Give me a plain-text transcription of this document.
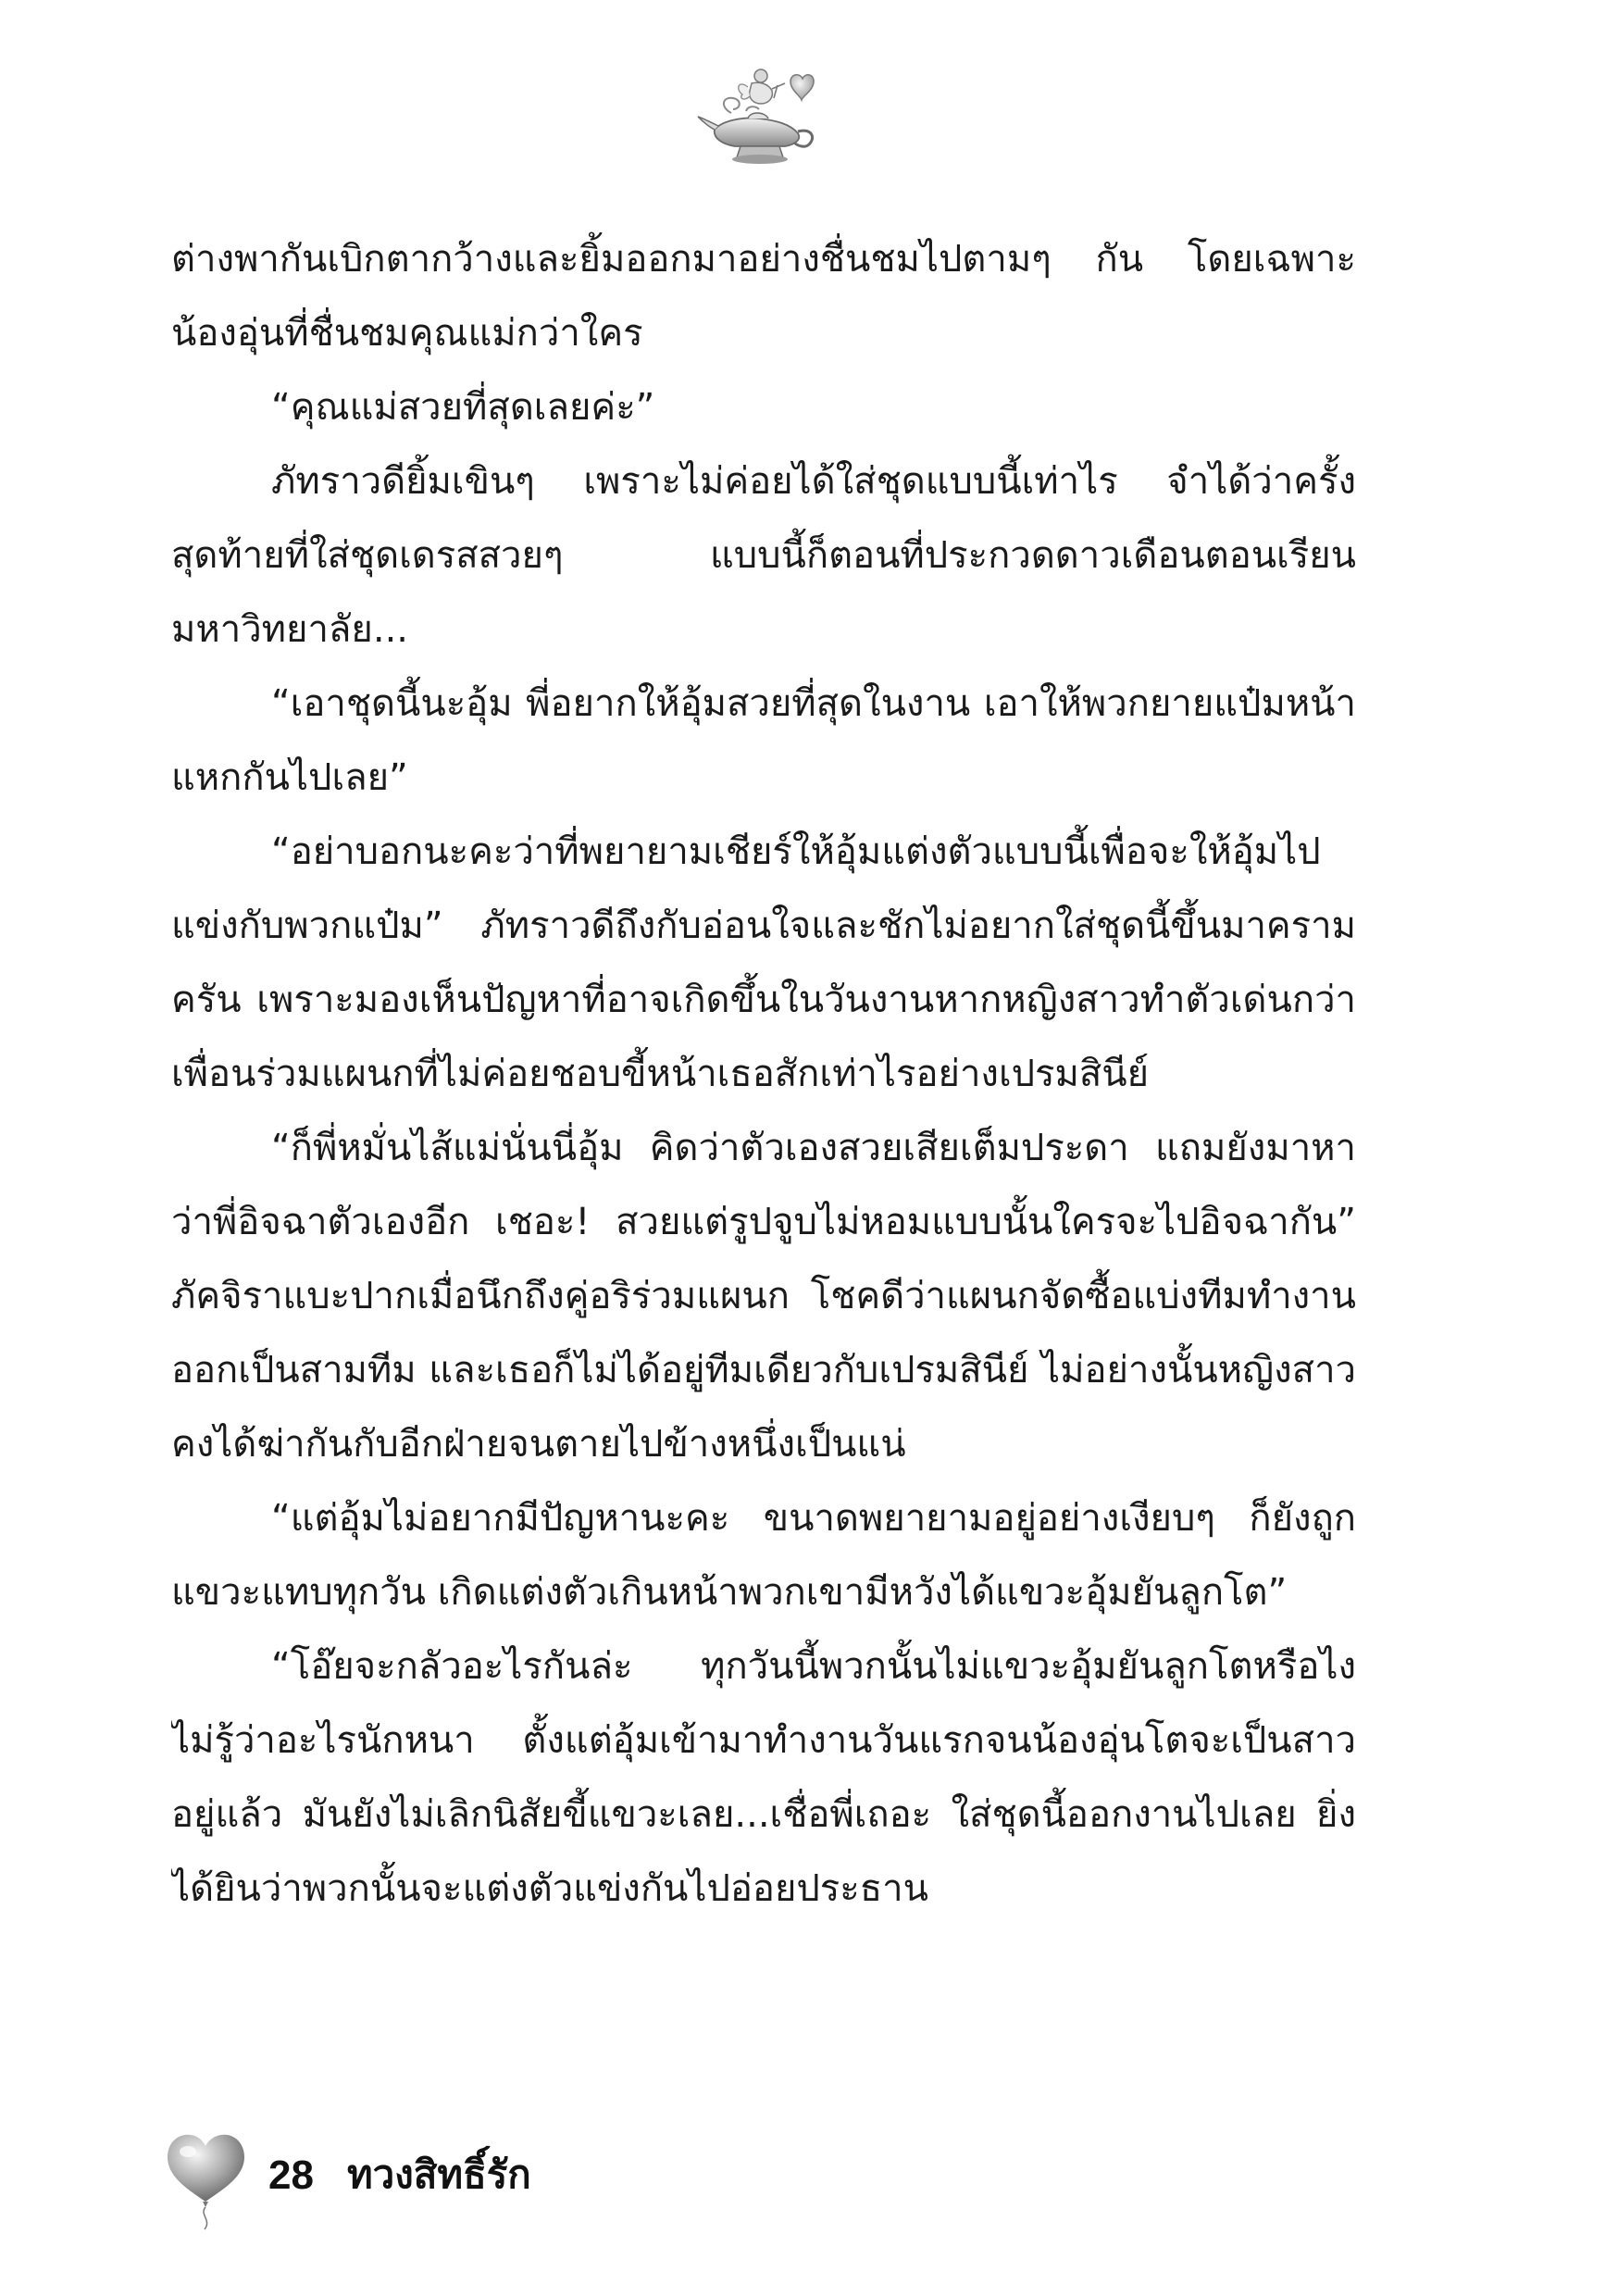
ต่างพากันเบิกตากว้างและยิ้มออกมาอย่างชื่นชมไปตามๆ กัน โดยเฉพาะน้องอุ่นที่ชื่นชมคุณแม่กว่าใคร

“คุณแม่สวยที่สุดเลยค่ะ”

ภัทราวดียิ้มเขินๆ เพราะไม่ค่อยได้ใส่ชุดแบบนี้เท่าไร จำได้ว่าครั้งสุดท้ายที่ใส่ชุดเดรสสวยๆ แบบนี้ก็ตอนที่ประกวดดาวเดือนตอนเรียนมหาวิทยาลัย...

“เอาชุดนี้นะอุ้ม พี่อยากให้อุ้มสวยที่สุดในงาน เอาให้พวกยายแป๋มหน้าแหกกันไปเลย”

“อย่าบอกนะคะว่าที่พยายามเชียร์ให้อุ้มแต่งตัวแบบนี้เพื่อจะให้อุ้มไปแข่งกับพวกแป๋ม” ภัทราวดีถึงกับอ่อนใจและชักไม่อยากใส่ชุดนี้ขึ้นมาครามครัน เพราะมองเห็นปัญหาที่อาจเกิดขึ้นในวันงานหากหญิงสาวทำตัวเด่นกว่าเพื่อนร่วมแผนกที่ไม่ค่อยชอบขี้หน้าเธอสักเท่าไรอย่างเปรมสินีย์

“ก็พี่หมั่นไส้แม่นั่นนี่อุ้ม คิดว่าตัวเองสวยเสียเต็มประดา แถมยังมาหาว่าพี่อิจฉาตัวเองอีก เชอะ! สวยแต่รูปจูบไม่หอมแบบนั้นใครจะไปอิจฉากัน” ภัคจิราแบะปากเมื่อนึกถึงคู่อริร่วมแผนก โชคดีว่าแผนกจัดซื้อแบ่งทีมทำงานออกเป็นสามทีม และเธอก็ไม่ได้อยู่ทีมเดียวกับเปรมสินีย์ ไม่อย่างนั้นหญิงสาวคงได้ฆ่ากันกับอีกฝ่ายจนตายไปข้างหนึ่งเป็นแน่

“แต่อุ้มไม่อยากมีปัญหานะคะ ขนาดพยายามอยู่อย่างเงียบๆ ก็ยังถูกแขวะแทบทุกวัน เกิดแต่งตัวเกินหน้าพวกเขามีหวังได้แขวะอุ้มยันลูกโต”

“โอ๊ยจะกลัวอะไรกันล่ะ ทุกวันนี้พวกนั้นไม่แขวะอุ้มยันลูกโตหรือไง ไม่รู้ว่าอะไรนักหนา ตั้งแต่อุ้มเข้ามาทำงานวันแรกจนน้องอุ่นโตจะเป็นสาวอยู่แล้ว มันยังไม่เลิกนิสัยขี้แขวะเลย...เชื่อพี่เถอะ ใส่ชุดนี้ออกงานไปเลย ยิ่งได้ยินว่าพวกนั้นจะแต่งตัวแข่งกันไปอ่อยประธาน

28 ทวงสิทธิ์รัก
